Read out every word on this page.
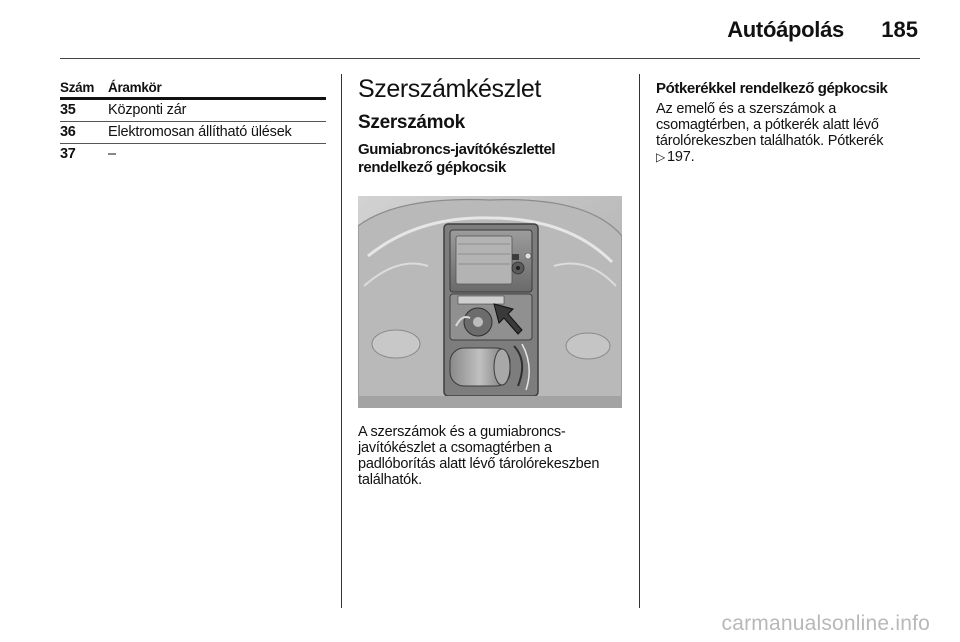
Autóápolás 185
Szám	Áramkör
35	Központi zár
36	Elektromosan állítható ülések
37	–
Szerszámkészlet
Szerszámok
Gumiabroncs-javítókészlettel rendelkező gépkocsik
A szerszámok és a gumiabroncs-javítókészlet a csomagtérben a padlóborítás alatt lévő tárolórekeszben találhatók.
Pótkerékkel rendelkező gépkocsik

Az emelő és a szerszámok a csomagtérben, a pótkerék alatt lévő tárolórekeszben találhatók. Pótkerék
▷ 197.

carmanualsonline.info
